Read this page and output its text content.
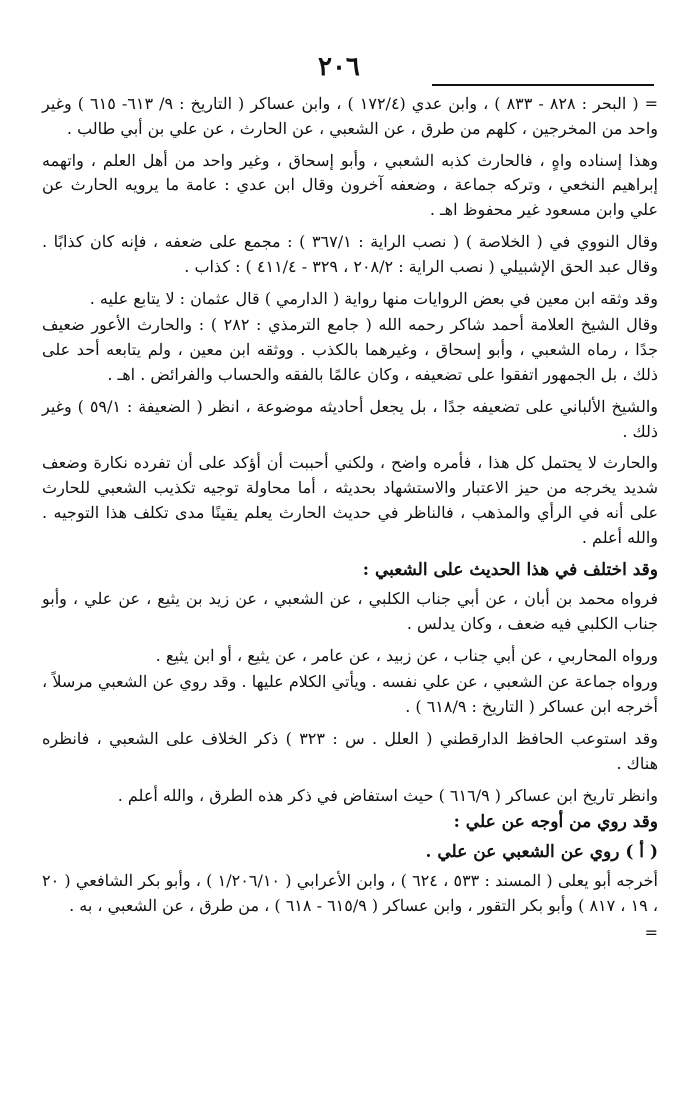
٢٠٦

= ( البحر : ٨٢٨ - ٨٣٣ ) ، وابن عدي (١٧٢/٤ ) ، وابن عساكر ( التاريخ : ٩/ ٦١٣- ٦١٥ ) وغير واحد من المخرجين ، كلهم من طرق ، عن الشعبي ، عن الحارث ، عن علي بن أبي طالب .

وهذا إسناده واهٍ ، فالحارث كذبه الشعبي ، وأبو إسحاق ، وغير واحد من أهل العلم ، واتهمه إبراهيم النخعي ، وتركه جماعة ، وضعفه آخرون وقال ابن عدي : عامة ما يرويه الحارث عن علي وابن مسعود غير محفوظ اهـ .

وقال النووي في ( الخلاصة ) ( نصب الراية : ٣٦٧/١ ) : مجمع على ضعفه ، فإنه كان كذابًا . وقال عبد الحق الإشبيلي ( نصب الراية : ٢٠٨/٢ ، ٣٢٩ - ٤١١/٤ ) : كذاب .

وقد وثقه ابن معين في بعض الروايات منها رواية ( الدارمي ) قال عثمان : لا يتابع عليه .

وقال الشيخ العلامة أحمد شاكر رحمه الله ( جامع الترمذي : ٢٨٢ ) : والحارث الأعور ضعيف جدًا ، رماه الشعبي ، وأبو إسحاق ، وغيرهما بالكذب . ووثقه ابن معين ، ولم يتابعه أحد على ذلك ، بل الجمهور اتفقوا على تضعيفه ، وكان عالمًا بالفقه والحساب والفرائض . اهـ .

والشيخ الألباني على تضعيفه جدًا ، بل يجعل أحاديثه موضوعة ، انظر ( الضعيفة : ٥٩/١ ) وغير ذلك .

والحارث لا يحتمل كل هذا ، فأمره واضح ، ولكني أحببت أن أؤكد على أن تفرده نكارة وضعف شديد يخرجه من حيز الاعتبار والاستشهاد بحديثه ، أما محاولة توجيه تكذيب الشعبي للحارث على أنه في الرأي والمذهب ، فالناظر في حديث الحارث يعلم يقينًا مدى تكلف هذا التوجيه . والله أعلم .

وقد اختلف في هذا الحديث على الشعبي :

فرواه محمد بن أبان ، عن أبي جناب الكلبي ، عن الشعبي ، عن زيد بن يثيع ، عن علي ، وأبو جناب الكلبي فيه ضعف ، وكان يدلس .

ورواه المحاربي ، عن أبي جناب ، عن زبيد ، عن عامر ، عن يثيع ، أو ابن يثيع .

ورواه جماعة عن الشعبي ، عن علي نفسه . ويأتي الكلام عليها . وقد روي عن الشعبي مرسلاً ، أخرجه ابن عساكر ( التاريخ : ٦١٨/٩ ) .

وقد استوعب الحافظ الدارقطني ( العلل . س : ٣٢٣ ) ذكر الخلاف على الشعبي ، فانظره هناك .

وانظر تاريخ ابن عساكر ( ٦١٦/٩ ) حيث استفاض في ذكر هذه الطرق ، والله أعلم .

وقد روي من أوجه عن علي :
( أ ) روي عن الشعبي عن علي .

أخرجه أبو يعلى ( المسند : ٥٣٣ ، ٦٢٤ ) ، وابن الأعرابي ( ١/٢٠٦/١٠ ) ، وأبو بكر الشافعي ( ٢٠ ، ١٩ ، ٨١٧ ) وأبو بكر التقور ، وابن عساكر ( ٦١٥/٩ - ٦١٨ ) ، من طرق ، عن الشعبي ، به .

=
